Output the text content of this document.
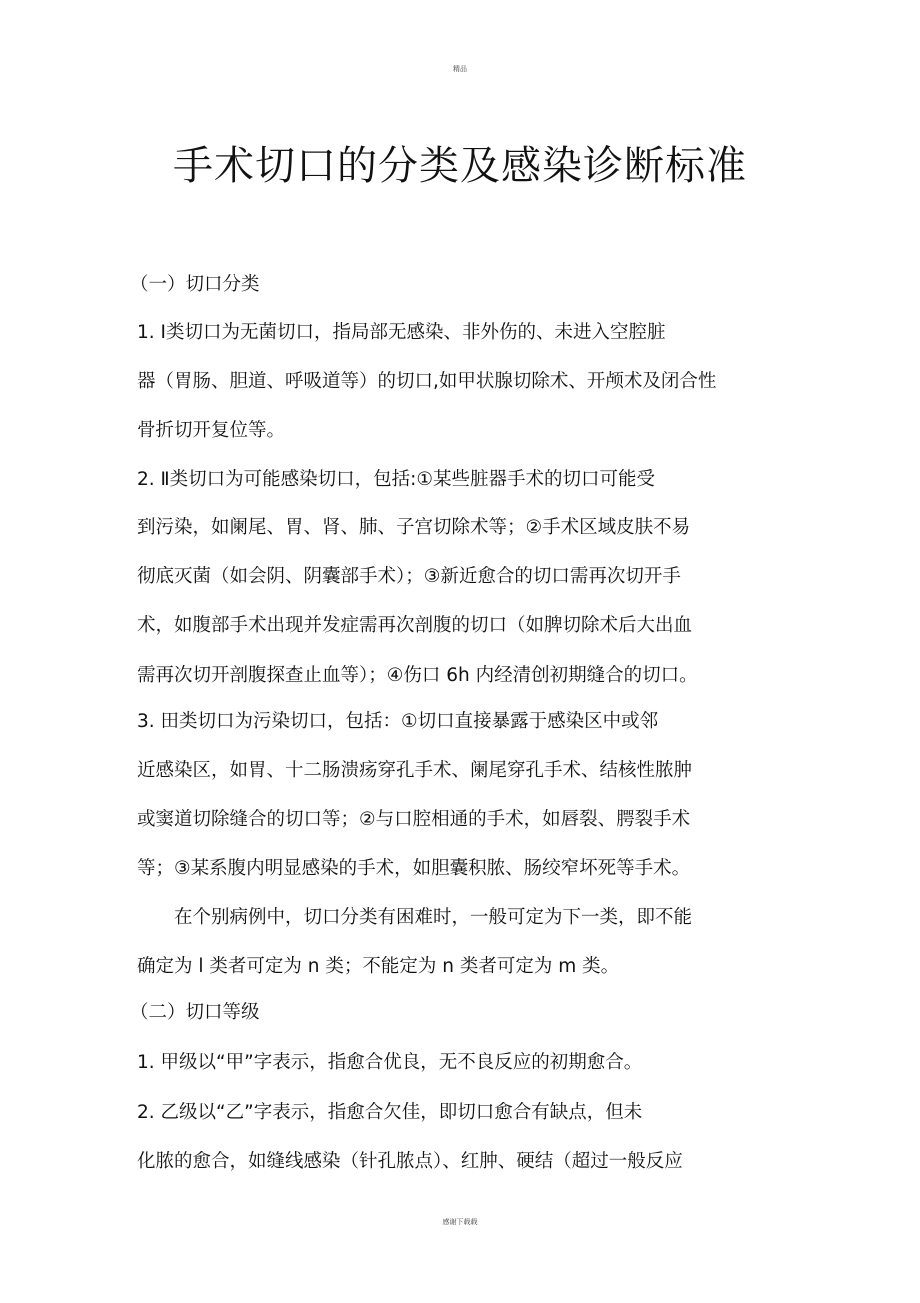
精品
手术切口的分类及感染诊断标准
（一）切口分类
1. Ⅰ类切口为无菌切口，指局部无感染、非外伤的、未进入空腔脏
器（胃肠、胆道、呼吸道等）的切口,如甲状腺切除术、开颅术及闭合性
骨折切开复位等。
2. Ⅱ类切口为可能感染切口，包括:①某些脏器手术的切口可能受
到污染，如阑尾、胃、肾、肺、子宫切除术等；②手术区域皮肤不易
彻底灭菌（如会阴、阴囊部手术）；③新近愈合的切口需再次切开手
术，如腹部手术出现并发症需再次剖腹的切口（如脾切除术后大出血
需再次切开剖腹探查止血等）；④伤口 6h 内经清创初期缝合的切口。
3. 田类切口为污染切口，包括：①切口直接暴露于感染区中或邻
近感染区，如胃、十二肠溃疡穿孔手术、阑尾穿孔手术、结核性脓肿
或窦道切除缝合的切口等；②与口腔相通的手术，如唇裂、腭裂手术
等；③某系腹内明显感染的手术，如胆囊积脓、肠绞窄坏死等手术。
　　在个别病例中，切口分类有困难时，一般可定为下一类，即不能
确定为 l 类者可定为 n 类；不能定为 n 类者可定为 m 类。
（二）切口等级
1. 甲级以“甲”字表示，指愈合优良，无不良反应的初期愈合。
2. 乙级以“乙”字表示，指愈合欠佳，即切口愈合有缺点，但未
化脓的愈合，如缝线感染（针孔脓点）、红肿、硬结（超过一般反应
感谢下载载
